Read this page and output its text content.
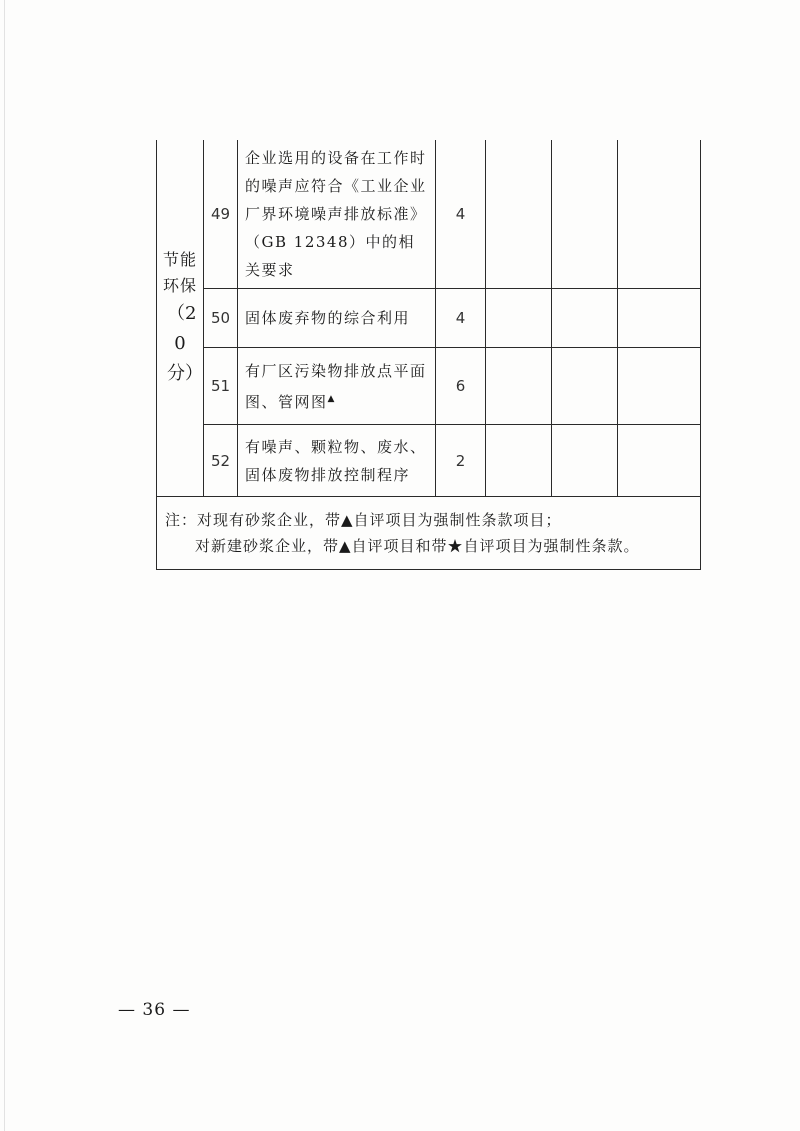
节能环保
（20分）	49	企业选用的设备在工作时的噪声应符合《工业企业厂界环境噪声排放标准》（GB 12348）中的相关要求	4			
	50	固体废弃物的综合利用	4			
	51	有厂区污染物排放点平面图、管网图▲	6			
	52	有噪声、颗粒物、废水、固体废物排放控制程序	2			
注：对现有砂浆企业，带▲自评项目为强制性条款项目；
对新建砂浆企业，带▲自评项目和带★自评项目为强制性条款。						
— 36 —
